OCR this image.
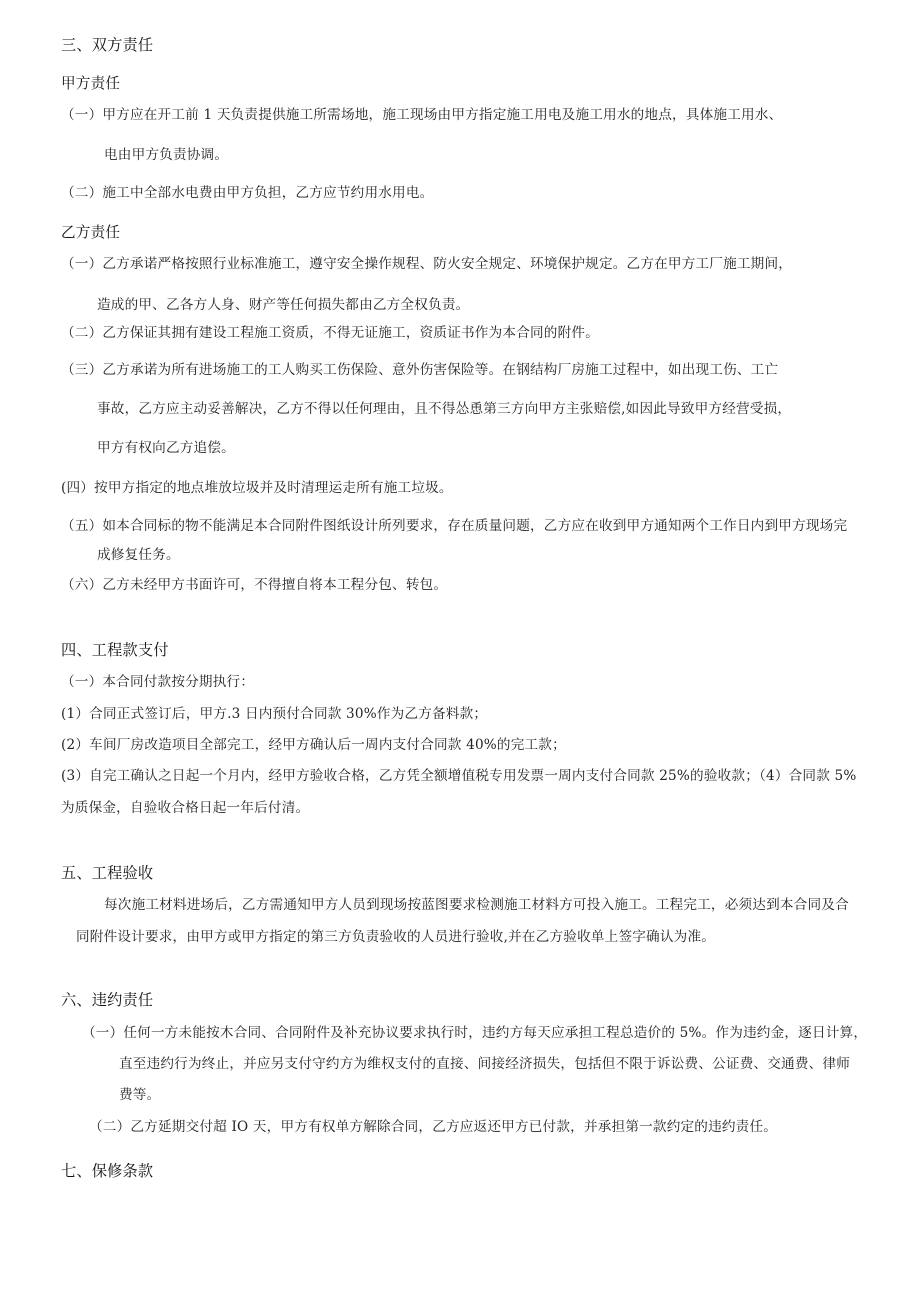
三、双方责任
甲方责任
（一）甲方应在开工前 1 天负责提供施工所需场地，施工现场由甲方指定施工用电及施工用水的地点，具体施工用水、
电由甲方负责协调。
（二）施工中全部水电费由甲方负担，乙方应节约用水用电。
乙方责任
（一）乙方承诺严格按照行业标准施工，遵守安全操作规程、防火安全规定、环境保护规定。乙方在甲方工厂施工期间，
造成的甲、乙各方人身、财产等任何损失都由乙方全权负责。
（二）乙方保证其拥有建设工程施工资质，不得无证施工，资质证书作为本合同的附件。
（三）乙方承诺为所有进场施工的工人购买工伤保险、意外伤害保险等。在钢结构厂房施工过程中，如出现工伤、工亡
事故，乙方应主动妥善解决，乙方不得以任何理由，且不得怂恿第三方向甲方主张赔偿,如因此导致甲方经营受损，
甲方有权向乙方追偿。
(四）按甲方指定的地点堆放垃圾并及时清理运走所有施工垃圾。
（五）如本合同标的物不能满足本合同附件图纸设计所列要求，存在质量问题，乙方应在收到甲方通知两个工作日内到甲方现场完
成修复任务。
（六）乙方未经甲方书面许可，不得擅自将本工程分包、转包。
四、工程款支付
（一）本合同付款按分期执行：
(1）合同正式签订后，甲方.3 日内预付合同款 30%作为乙方备料款；
(2）车间厂房改造项目全部完工，经甲方确认后一周内支付合同款 40%的完工款；
(3）自完工确认之日起一个月内，经甲方验收合格，乙方凭全额增值税专用发票一周内支付合同款 25%的验收款；（4）合同款 5%
为质保金，自验收合格日起一年后付清。
五、工程验收
每次施工材料进场后，乙方需通知甲方人员到现场按蓝图要求检测施工材料方可投入施工。工程完工，必须达到本合同及合
同附件设计要求，由甲方或甲方指定的第三方负责验收的人员进行验收,并在乙方验收单上签字确认为准。
六、违约责任
（一）任何一方未能按木合同、合同附件及补充协议要求执行时，违约方每天应承担工程总造价的 5%。作为违约金，逐日计算，
直至违约行为终止，并应另支付守约方为维权支付的直接、间接经济损失，包括但不限于诉讼费、公证费、交通费、律师
费等。
（二）乙方延期交付超 IO 天，甲方有权单方解除合同，乙方应返还甲方已付款，并承担第一款约定的违约责任。
七、保修条款
